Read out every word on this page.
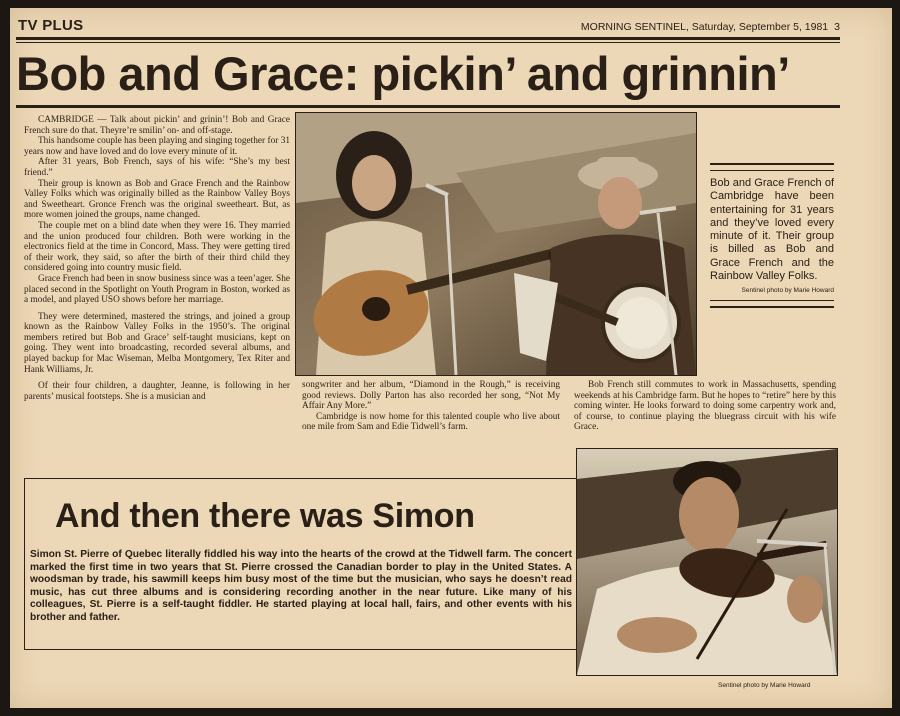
TV PLUS	MORNING SENTINEL, Saturday, September 5, 1981 3
Bob and Grace: pickin’ and grinnin’

CAMBRIDGE — Talk about pickin’ and grinin’! Bob and Grace French sure do that. Theyre’re smilin’ on- and off-stage.

This handsome couple has been playing and singing together for 31 years now and have loved and do love every minute of it.

After 31 years, Bob French, says of his wife: “She’s my best friend.”

Their group is known as Bob and Grace French and the Rainbow Valley Folks which was originally billed as the Rainbow Valley Boys and Sweetheart. Gronce French was the original sweetheart. But, as more women joined the groups, name changed.

The couple met on a blind date when they were 16. They married and the union produced four children. Both were working in the electronics field at the time in Concord, Mass. They were getting tired of their work, they said, so after the birth of their third child they considered going into country music field.

Grace French had been in snow business since was a teen’ager. She placed second in the Spotlight on Youth Program in Boston, worked as a model, and played USO shows before her marriage.

They were determined, mastered the strings, and joined a group known as the Rainbow Valley Folks in the 1950’s. The original members retired but Bob and Grace’ self-taught musicians, kept on going. They went into broadcasting, recorded several albums, and played backup for Mac Wiseman, Melba Montgomery, Tex Riter and Hank Williams, Jr.

Of their four children, a daughter, Jeanne, is following in her parents’ musical footsteps. She is a musician and

Bob and Grace French of Cambridge have been entertaining for 31 years and they’ve loved every minute of it. Their group is billed as Bob and Grace French and the Rainbow Valley Folks.
Sentinel photo by Marie Howard

songwriter and her album, “Diamond in the Rough,” is receiving good reviews. Dolly Parton has also recorded her song, “Not My Affair Any More.”

Cambridge is now home for this talented couple who live about one mile from Sam and Edie Tidwell’s farm.

Bob French still commutes to work in Massachusetts, spending weekends at his Cambridge farm. But he hopes to “retire” here by this coming winter. He looks forward to doing some carpentry work and, of course, to continue playing the bluegrass circuit with his wife Grace.

And then there was Simon
Simon St. Pierre of Quebec literally fiddled his way into the hearts of the crowd at the Tidwell farm. The concert marked the first time in two years that St. Pierre crossed the Canadian border to play in the United States. A woodsman by trade, his sawmill keeps him busy most of the time but the musician, who says he doesn’t read music, has cut three albums and is considering recording another in the near future. Like many of his colleagues, St. Pierre is a self-taught fiddler. He started playing at local hall, fairs, and other events with his brother and father.
Sentinel photo by Marie Howard
